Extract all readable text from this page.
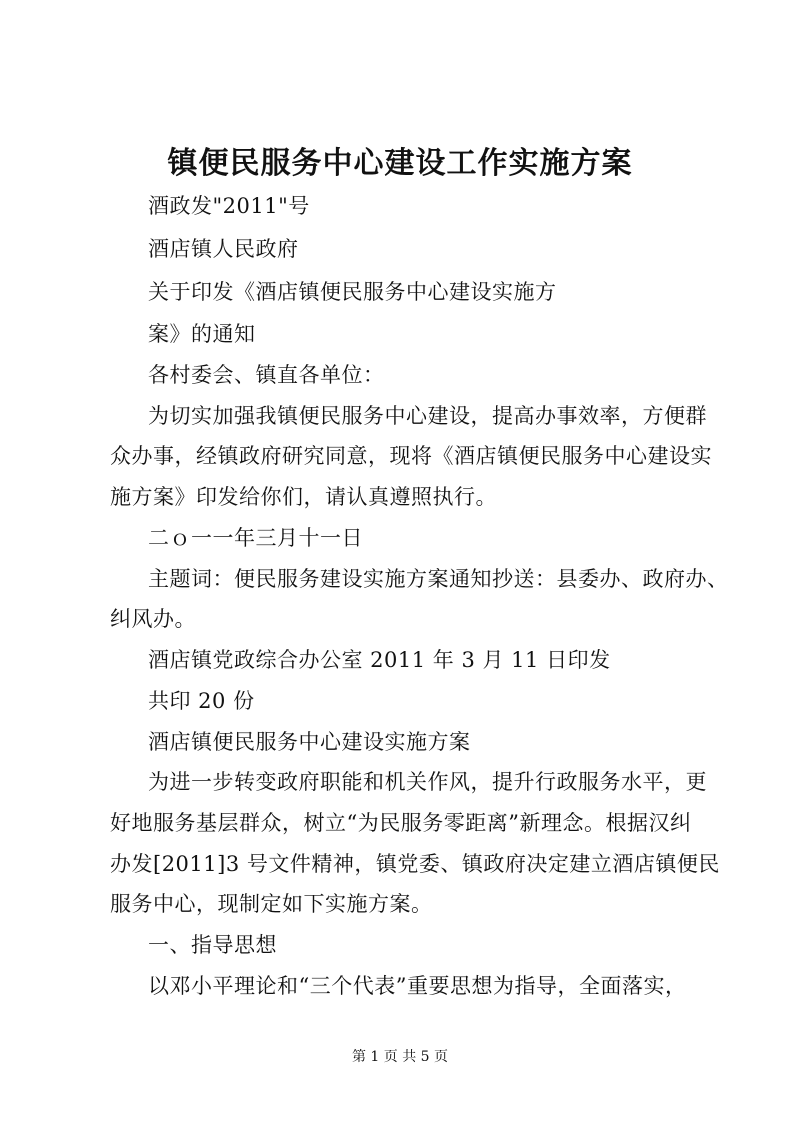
镇便民服务中心建设工作实施方案
酒政发"2011"号
酒店镇人民政府
关于印发《酒店镇便民服务中心建设实施方
案》的通知
各村委会、镇直各单位：
为切实加强我镇便民服务中心建设，提高办事效率，方便群
众办事，经镇政府研究同意，现将《酒店镇便民服务中心建设实
施方案》印发给你们，请认真遵照执行。
二ｏ一一年三月十一日
主题词：便民服务建设实施方案通知抄送：县委办、政府办、
纠风办。
酒店镇党政综合办公室 2011 年 3 月 11 日印发
共印 20 份
酒店镇便民服务中心建设实施方案
为进一步转变政府职能和机关作风，提升行政服务水平，更
好地服务基层群众，树立“为民服务零距离”新理念。根据汉纠
办发[2011]3 号文件精神，镇党委、镇政府决定建立酒店镇便民
服务中心，现制定如下实施方案。
一、指导思想
以邓小平理论和“三个代表”重要思想为指导，全面落实，
第 1 页 共 5 页
